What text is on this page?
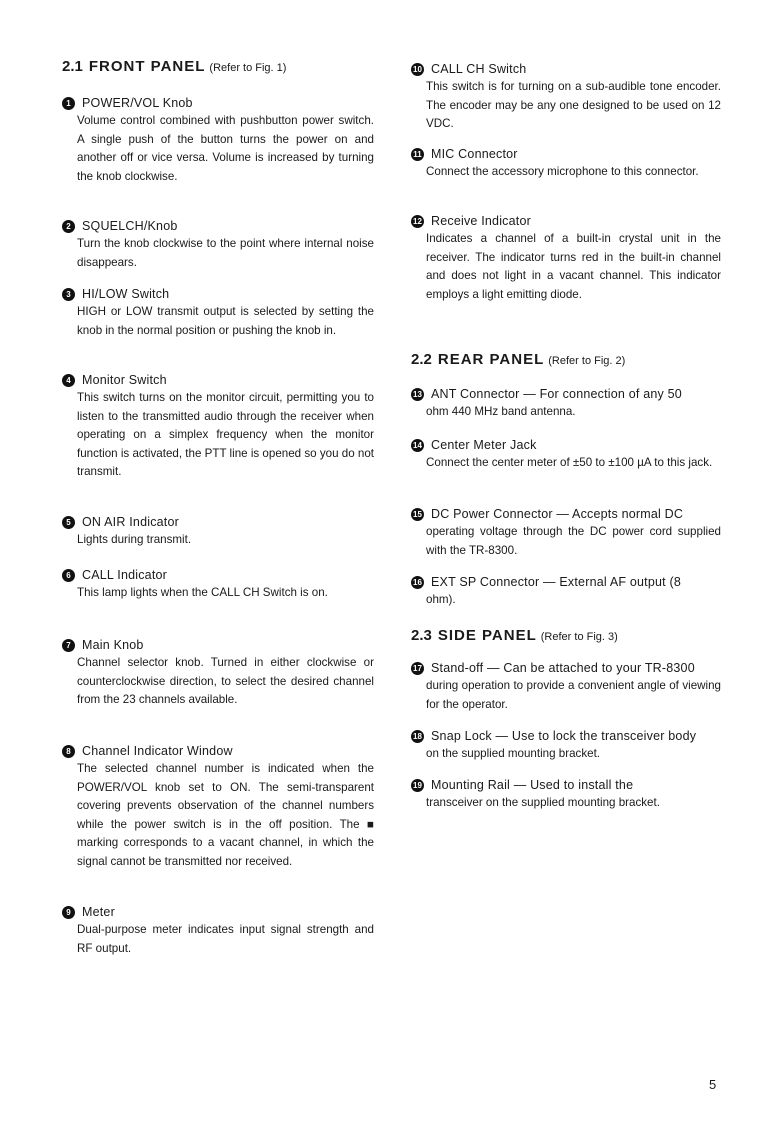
2.1 FRONT PANEL (Refer to Fig. 1)
1 POWER/VOL Knob
Volume control combined with pushbutton power switch. A single push of the button turns the power on and another off or vice versa. Volume is increased by turning the knob clockwise.
2 SQUELCH/Knob
Turn the knob clockwise to the point where internal noise disappears.
3 HI/LOW Switch
HIGH or LOW transmit output is selected by setting the knob in the normal position or pushing the knob in.
4 Monitor Switch
This switch turns on the monitor circuit, permitting you to listen to the transmitted audio through the receiver when operating on a simplex frequency when the monitor function is activated, the PTT line is opened so you do not transmit.
5 ON AIR Indicator
Lights during transmit.
6 CALL Indicator
This lamp lights when the CALL CH Switch is on.
7 Main Knob
Channel selector knob. Turned in either clockwise or counterclockwise direction, to select the desired channel from the 23 channels available.
8 Channel Indicator Window
The selected channel number is indicated when the POWER/VOL knob set to ON. The semi-transparent covering prevents observation of the channel numbers while the power switch is in the off position. The ■ marking corresponds to a vacant channel, in which the signal cannot be transmitted nor received.
9 Meter
Dual-purpose meter indicates input signal strength and RF output.
10 CALL CH Switch
This switch is for turning on a sub-audible tone encoder. The encoder may be any one designed to be used on 12 VDC.
11 MIC Connector
Connect the accessory microphone to this connector.
12 Receive Indicator
Indicates a channel of a built-in crystal unit in the receiver. The indicator turns red in the built-in channel and does not light in a vacant channel. This indicator employs a light emitting diode.
2.2 REAR PANEL (Refer to Fig. 2)
13 ANT Connector — For connection of any 50
ohm 440 MHz band antenna.
14 Center Meter Jack
Connect the center meter of ±50 to ±100 µA to this jack.
15 DC Power Connector — Accepts normal DC
operating voltage through the DC power cord supplied with the TR-8300.
16 EXT SP Connector — External AF output (8
ohm).
2.3 SIDE PANEL (Refer to Fig. 3)
17 Stand-off — Can be attached to your TR-8300
during operation to provide a convenient angle of viewing for the operator.
18 Snap Lock — Use to lock the transceiver body
on the supplied mounting bracket.
19 Mounting Rail — Used to install the
transceiver on the supplied mounting bracket.
5
